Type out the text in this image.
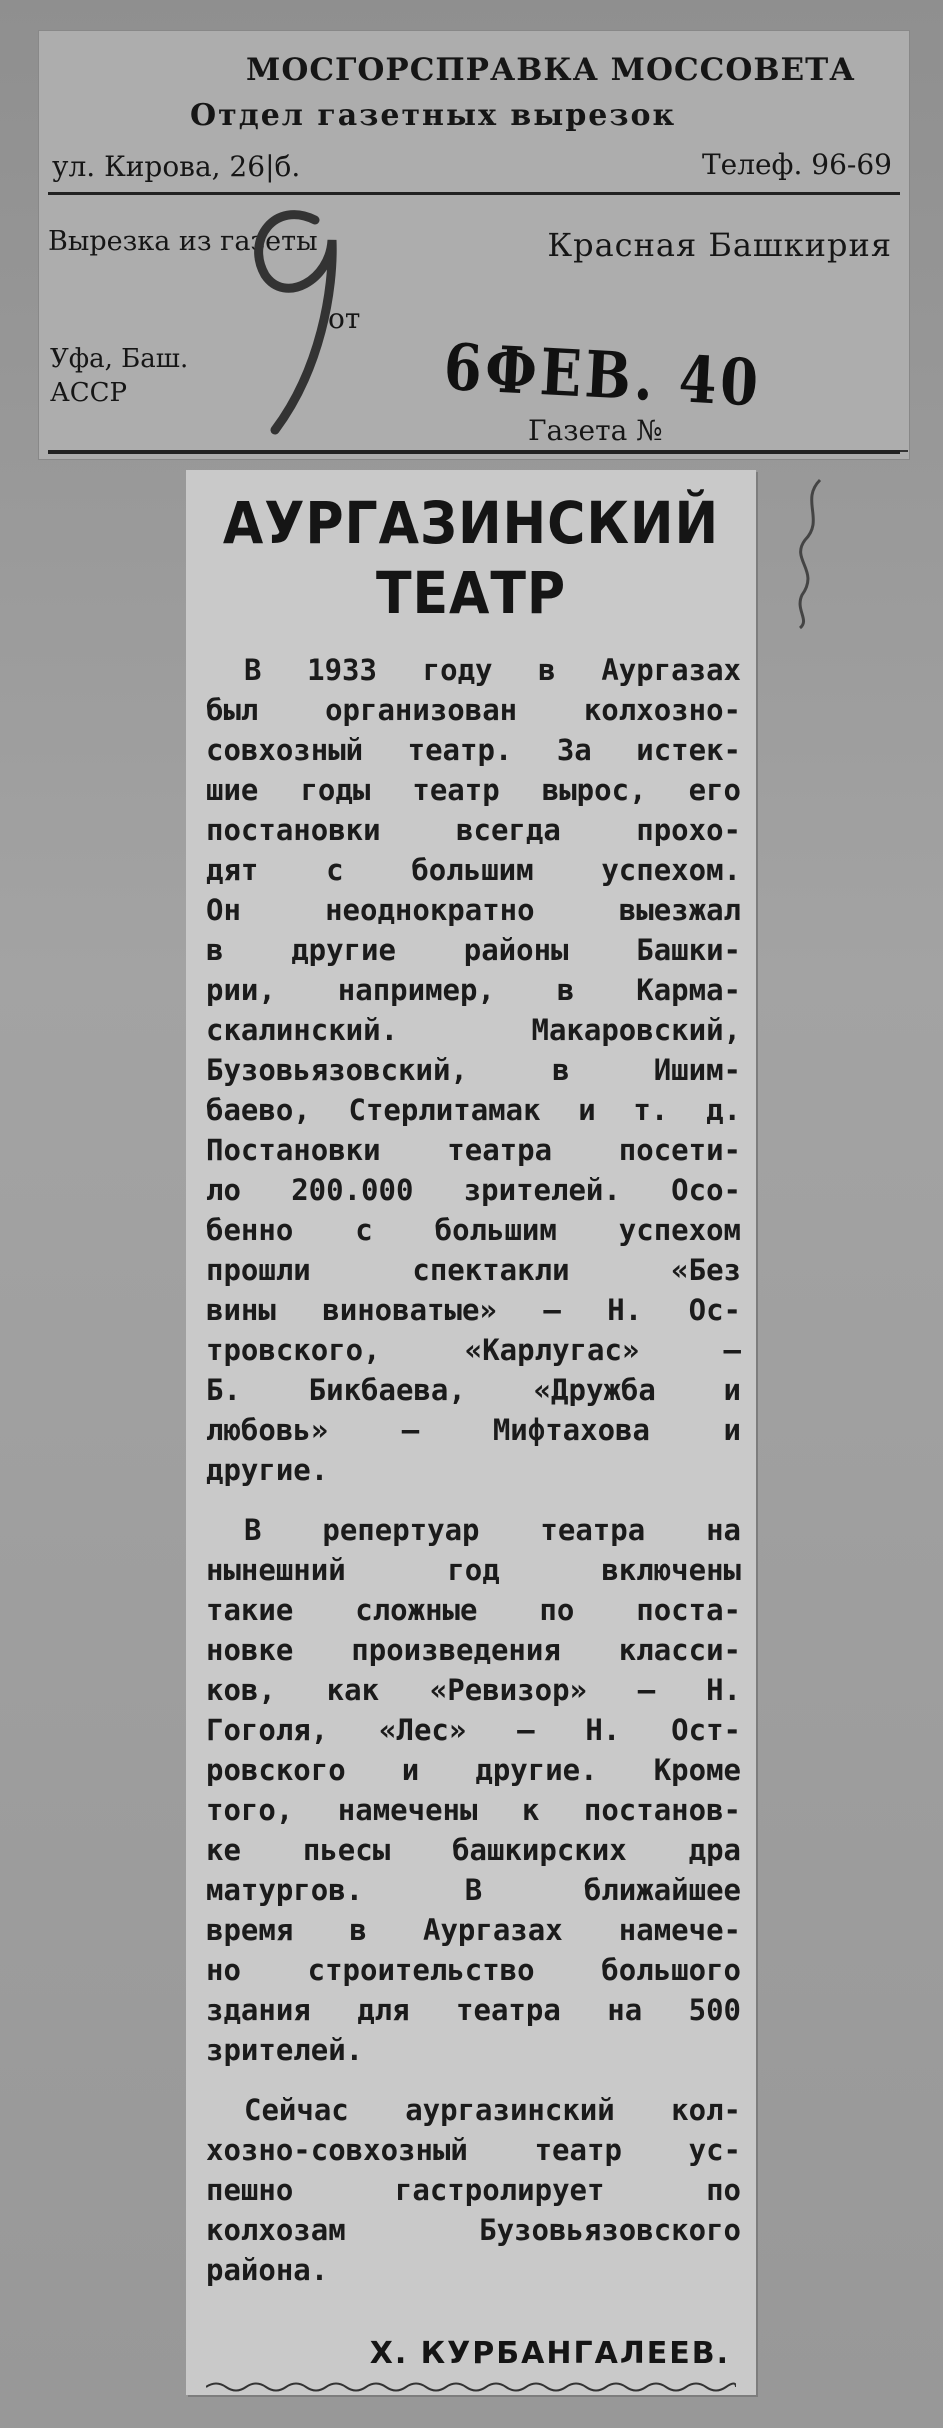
МОСГОРСПРАВКА МОССОВЕТА
Отдел газетных вырезок
ул. Кирова, 26|б.	Телеф. 96-69
Вырезка из газеты	Красная Башкирия
Уфа, Баш. АССР
от
6ФЕВ. 40
Газета №
АУРГАЗИНСКИЙ
ТЕАТР
В 1933 году в Аургазах
был организован колхозно-
совхозный театр. За истек-
шие годы театр вырос, его
постановки всегда прохо-
дят с большим успехом.
Он неоднократно выезжал
в другие районы Башки-
рии, например, в Карма-
скалинский. Макаровский,
Бузовьязовский, в Ишим-
баево, Стерлитамак и т. д.
Постановки театра посети-
ло 200.000 зрителей. Осо-
бенно с большим успехом
прошли спектакли «Без
вины виноватые» — Н. Ос-
тровского, «Карлугас» —
Б. Бикбаева, «Дружба и
любовь» — Мифтахова и
другие.
В репертуар театра на
нынешний год включены
такие сложные по поста-
новке произведения класси-
ков, как «Ревизор» — Н.
Гоголя, «Лес» — Н. Ост-
ровского и другие. Кроме
того, намечены к постанов-
ке пьесы башкирских дра
матургов. В ближайшее
время в Аургазах намече-
но строительство большого
здания для театра на 500
зрителей.
Сейчас аургазинский кол-
хозно-совхозный театр ус-
пешно гастролирует по
колхозам Бузовьязовского
района.
Х. КУРБАНГАЛЕЕВ.
